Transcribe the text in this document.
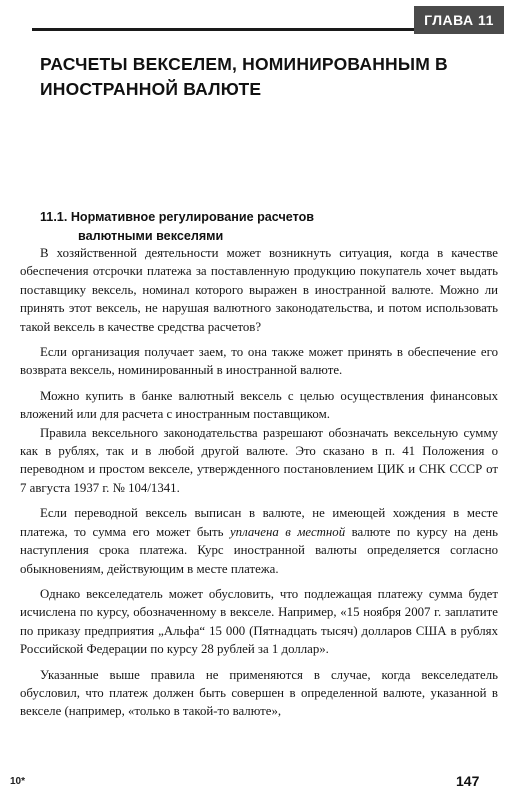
ГЛАВА 11
РАСЧЕТЫ ВЕКСЕЛЕМ, НОМИНИРОВАННЫМ В ИНОСТРАННОЙ ВАЛЮТЕ
11.1. Нормативное регулирование расчетов
валютными векселями

В хозяйственной деятельности может возникнуть ситуация, когда в качестве обеспечения отсрочки платежа за поставленную продукцию покупатель хочет выдать поставщику вексель, номинал которого выражен в иностранной валюте. Можно ли принять этот вексель, не нарушая валютного законодательства, и потом использовать такой вексель в качестве средства расчетов?

Если организация получает заем, то она также может принять в обеспечение его возврата вексель, номинированный в иностранной валюте.

Можно купить в банке валютный вексель с целью осуществления финансовых вложений или для расчета с иностранным поставщиком.

Правила вексельного законодательства разрешают обозначать вексельную сумму как в рублях, так и в любой другой валюте. Это сказано в п. 41 Положения о переводном и простом векселе, утвержденного постановлением ЦИК и СНК СССР от 7 августа 1937 г. № 104/1341.

Если переводной вексель выписан в валюте, не имеющей хождения в месте платежа, то сумма его может быть уплачена в местной валюте по курсу на день наступления срока платежа. Курс иностранной валюты определяется согласно обыкновениям, действующим в месте платежа.

Однако векселедатель может обусловить, что подлежащая платежу сумма будет исчислена по курсу, обозначенному в векселе. Например, «15 ноября 2007 г. заплатите по приказу предприятия „Альфа“ 15 000 (Пятнадцать тысяч) долларов США в рублях Российской Федерации по курсу 28 рублей за 1 доллар».

Указанные выше правила не применяются в случае, когда векселедатель обусловил, что платеж должен быть совершен в определенной валюте, указанной в векселе (например, «только в такой-то валюте»,

10*	147
